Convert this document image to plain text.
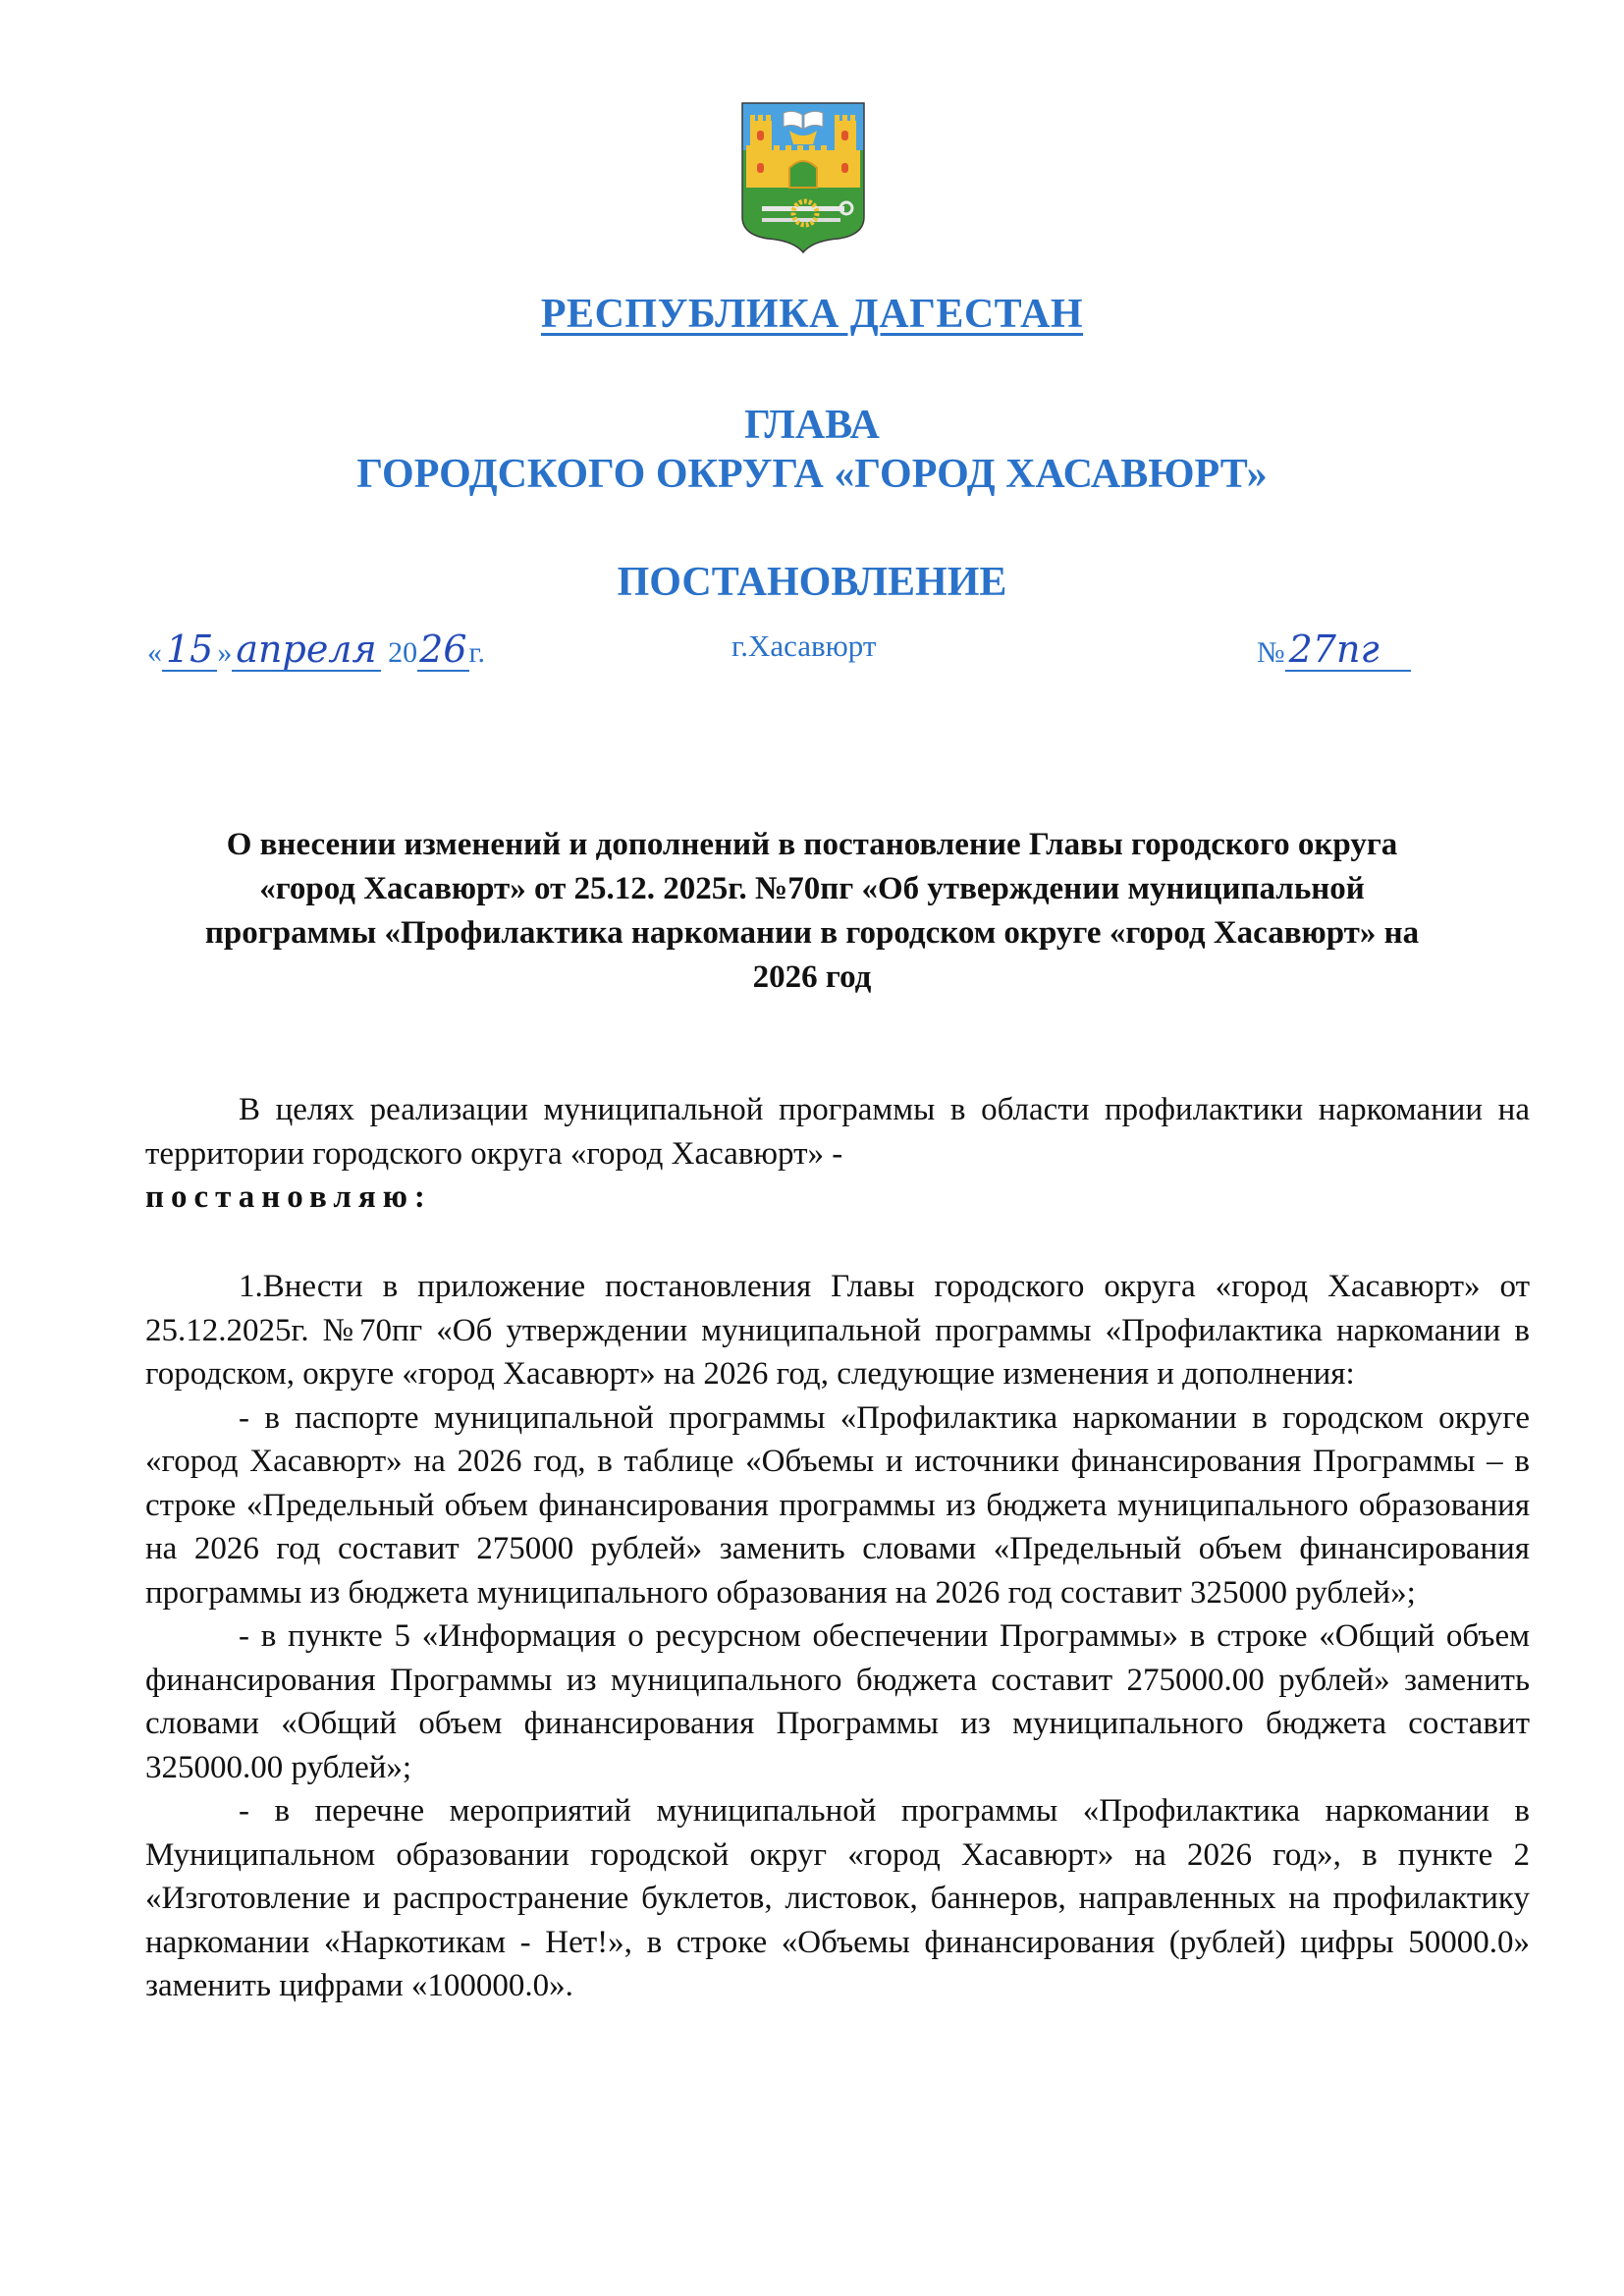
РЕСПУБЛИКА ДАГЕСТАН
ГЛАВА
ГОРОДСКОГО ОКРУГА «ГОРОД ХАСАВЮРТ»
ПОСТАНОВЛЕНИЕ
« 15 » апреля 2026г.	г.Хасавюрт	№ 27пг
О внесении изменений и дополнений в постановление Главы городского округа «город Хасавюрт» от 25.12. 2025г. №70пг «Об утверждении муниципальной программы «Профилактика наркомании в городском округе «город Хасавюрт» на 2026 год

В целях реализации муниципальной программы в области профилактики наркомании на территории городского округа «город Хасавюрт» -

постановляю:

1.Внести в приложение постановления Главы городского округа «город Хасавюрт» от 25.12.2025г. №70пг «Об утверждении муниципальной программы «Профилактика наркомании в городском, округе «город Хасавюрт» на 2026 год, следующие изменения и дополнения:

- в паспорте муниципальной программы «Профилактика наркомании в городском округе «город Хасавюрт» на 2026 год, в таблице «Объемы и источники финансирования Программы – в строке «Предельный объем финансирования программы из бюджета муниципального образования на 2026 год составит 275000 рублей» заменить словами «Предельный объем финансирования программы из бюджета муниципального образования на 2026 год составит 325000 рублей»;

- в пункте 5 «Информация о ресурсном обеспечении Программы» в строке «Общий объем финансирования Программы из муниципального бюджета составит 275000.00 рублей» заменить словами «Общий объем финансирования Программы из муниципального бюджета составит 325000.00 рублей»;

- в перечне мероприятий муниципальной программы «Профилактика наркомании в Муниципальном образовании городской округ «город Хасавюрт» на 2026 год», в пункте 2 «Изготовление и распространение буклетов, листовок, баннеров, направленных на профилактику наркомании «Наркотикам - Нет!», в строке «Объемы финансирования (рублей) цифры 50000.0» заменить цифрами «100000.0».
